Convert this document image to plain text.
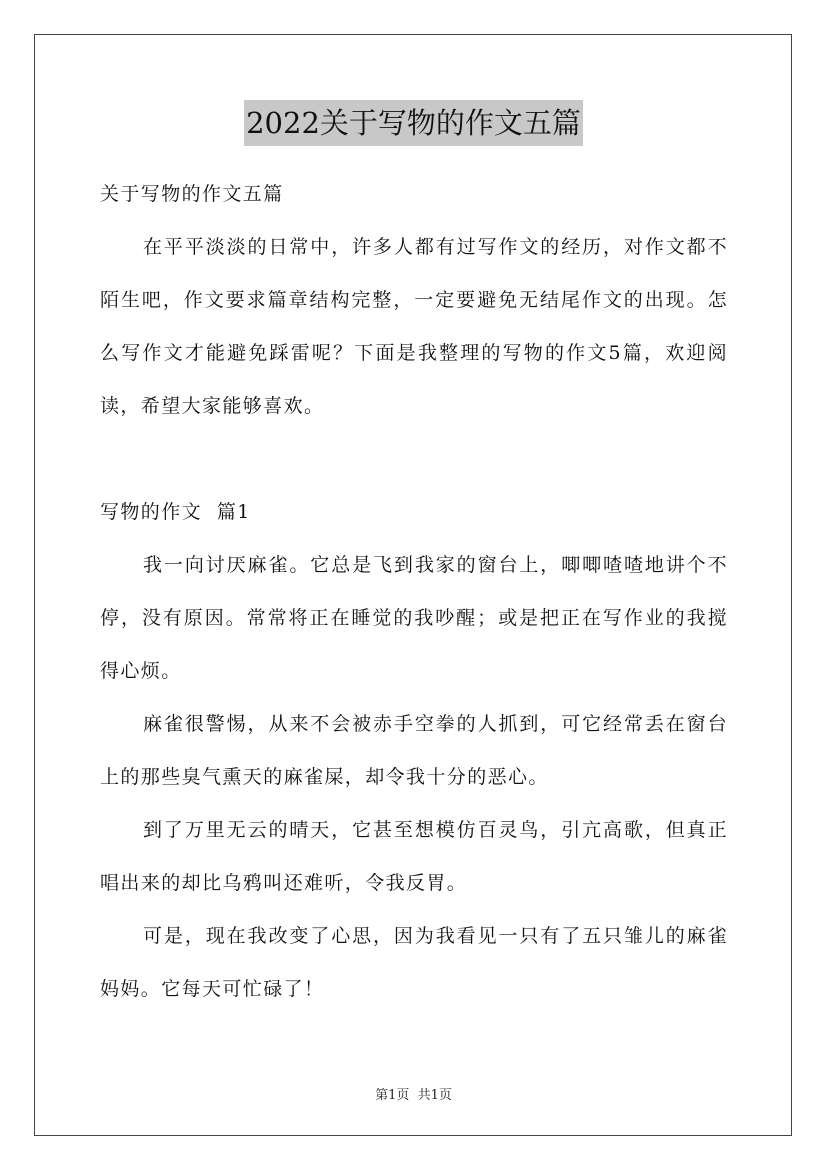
2022关于写物的作文五篇
关于写物的作文五篇
在平平淡淡的日常中，许多人都有过写作文的经历，对作文都不
陌生吧，作文要求篇章结构完整，一定要避免无结尾作文的出现。怎
么写作文才能避免踩雷呢？下面是我整理的写物的作文5篇，欢迎阅
读，希望大家能够喜欢。
写物的作文  篇1
我一向讨厌麻雀。它总是飞到我家的窗台上，唧唧喳喳地讲个不
停，没有原因。常常将正在睡觉的我吵醒；或是把正在写作业的我搅
得心烦。
麻雀很警惕，从来不会被赤手空拳的人抓到，可它经常丢在窗台
上的那些臭气熏天的麻雀屎，却令我十分的恶心。
到了万里无云的晴天，它甚至想模仿百灵鸟，引亢高歌，但真正
唱出来的却比乌鸦叫还难听，令我反胃。
可是，现在我改变了心思，因为我看见一只有了五只雏儿的麻雀
妈妈。它每天可忙碌了！
第1页  共1页
